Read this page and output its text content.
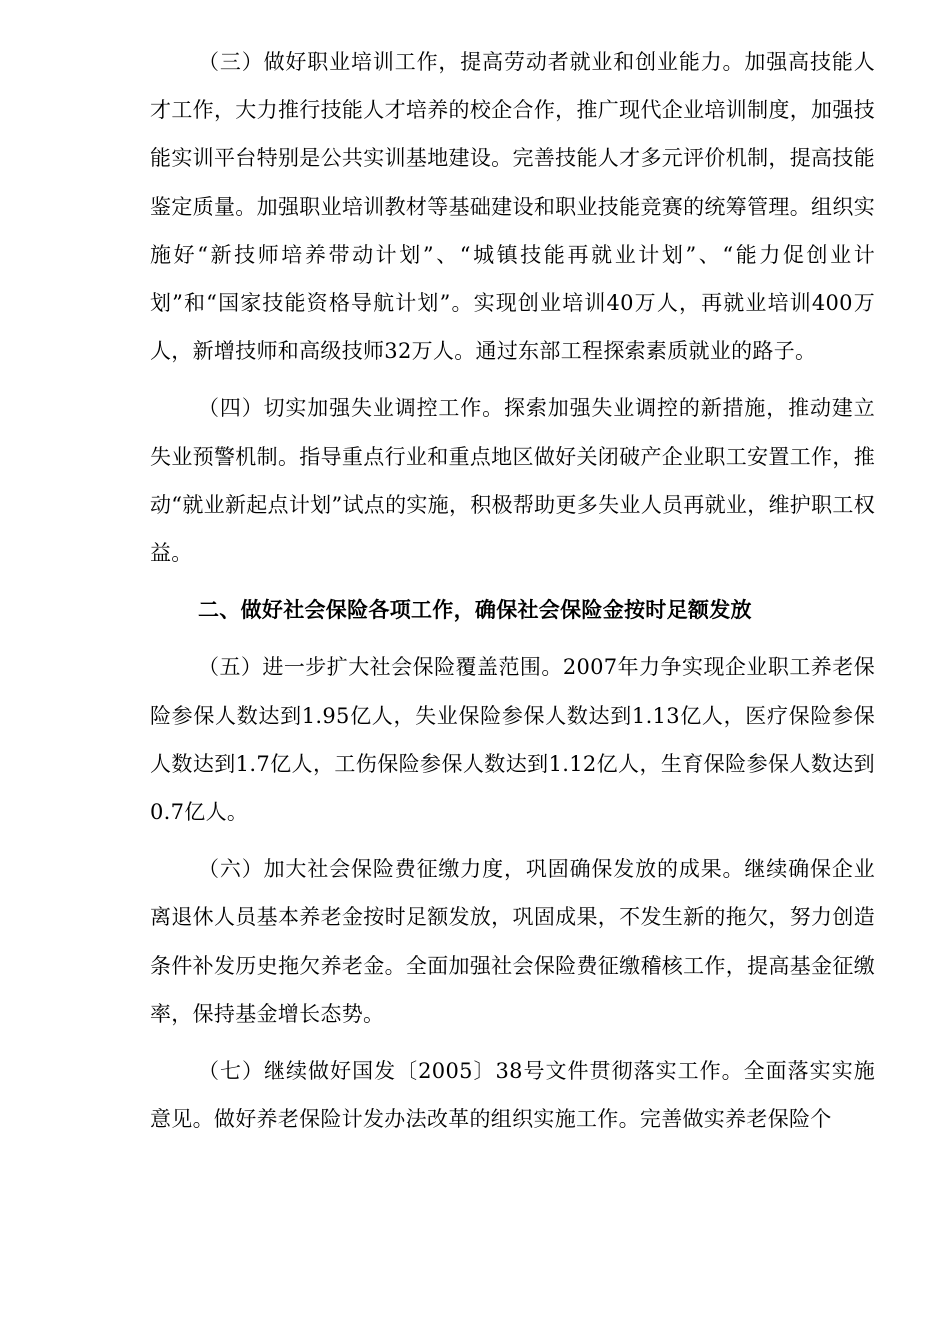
（三）做好职业培训工作，提高劳动者就业和创业能力。加强高技能人才工作，大力推行技能人才培养的校企合作，推广现代企业培训制度，加强技能实训平台特别是公共实训基地建设。完善技能人才多元评价机制，提高技能鉴定质量。加强职业培训教材等基础建设和职业技能竞赛的统筹管理。组织实施好“新技师培养带动计划”、“城镇技能再就业计划”、“能力促创业计划”和“国家技能资格导航计划”。实现创业培训40万人，再就业培训400万人，新增技师和高级技师32万人。通过东部工程探索素质就业的路子。

（四）切实加强失业调控工作。探索加强失业调控的新措施，推动建立失业预警机制。指导重点行业和重点地区做好关闭破产企业职工安置工作，推动“就业新起点计划”试点的实施，积极帮助更多失业人员再就业，维护职工权益。

二、做好社会保险各项工作，确保社会保险金按时足额发放

（五）进一步扩大社会保险覆盖范围。2007年力争实现企业职工养老保险参保人数达到1.95亿人，失业保险参保人数达到1.13亿人，医疗保险参保人数达到1.7亿人，工伤保险参保人数达到1.12亿人，生育保险参保人数达到0.7亿人。

（六）加大社会保险费征缴力度，巩固确保发放的成果。继续确保企业离退休人员基本养老金按时足额发放，巩固成果，不发生新的拖欠，努力创造条件补发历史拖欠养老金。全面加强社会保险费征缴稽核工作，提高基金征缴率，保持基金增长态势。

（七）继续做好国发〔2005〕38号文件贯彻落实工作。全面落实实施意见。做好养老保险计发办法改革的组织实施工作。完善做实养老保险个
